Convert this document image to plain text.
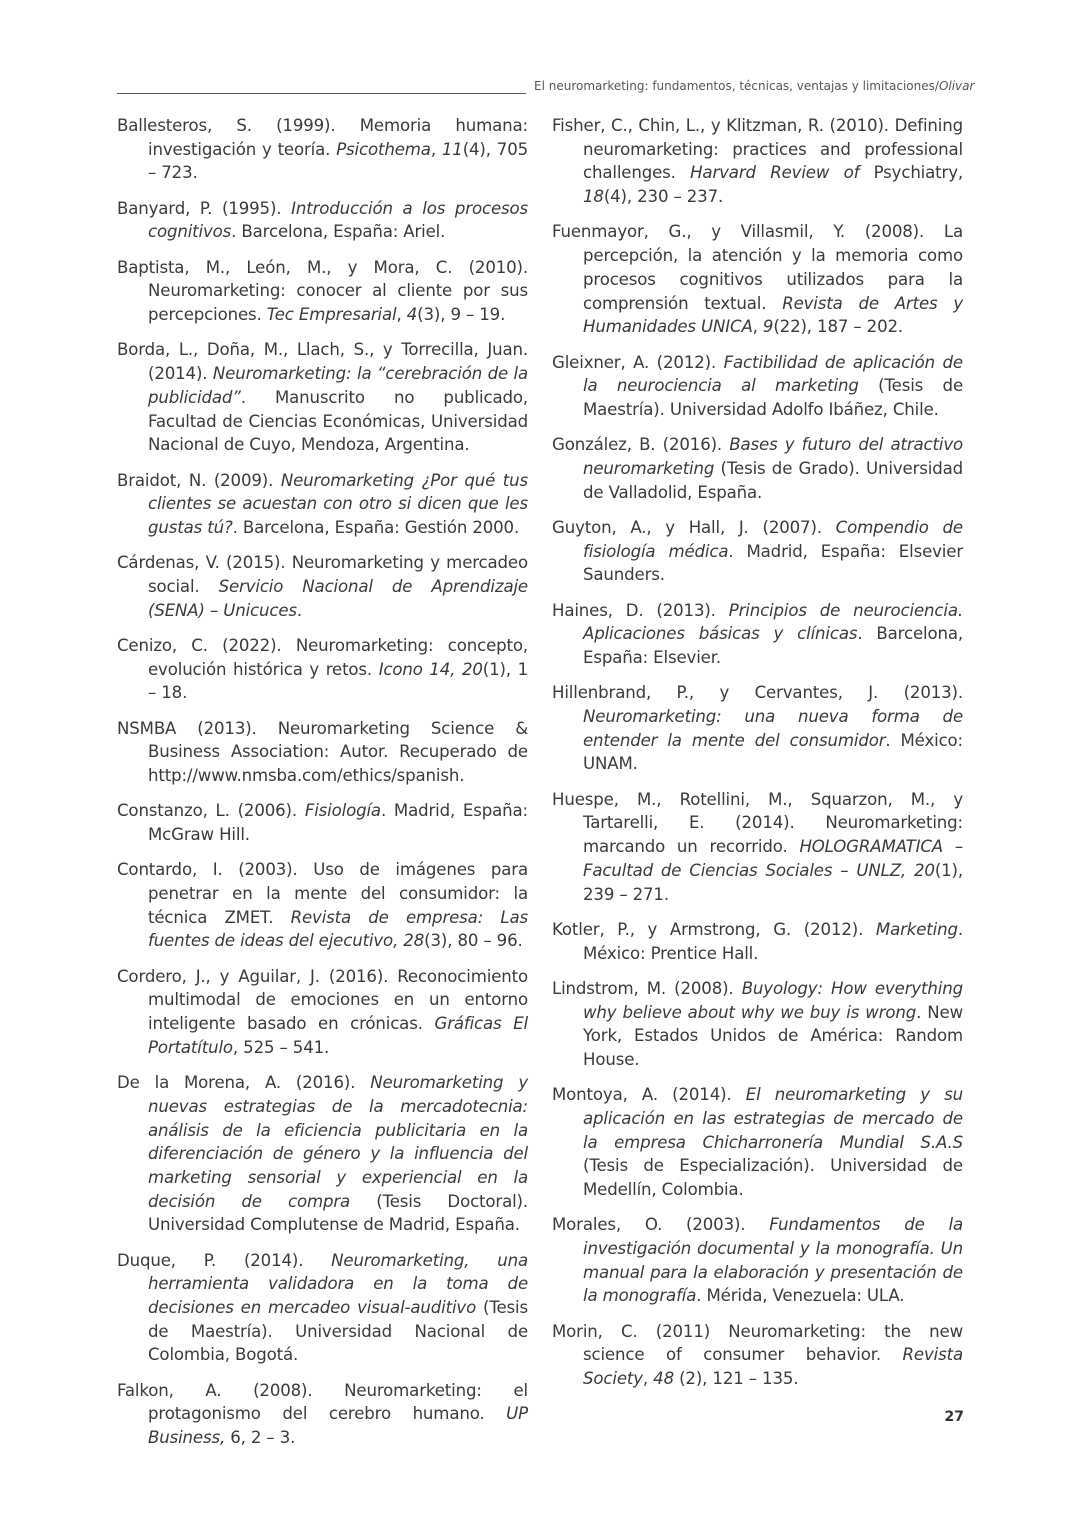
El neuromarketing: fundamentos, técnicas, ventajas y limitaciones/Olivar

Ballesteros, S. (1999). Memoria humana: investigación y teoría. Psicothema, 11(4), 705 – 723.

Banyard, P. (1995). Introducción a los procesos cognitivos. Barcelona, España: Ariel.

Baptista, M., León, M., y Mora, C. (2010). Neuromarketing: conocer al cliente por sus percepciones. Tec Empresarial, 4(3), 9 – 19.

Borda, L., Doña, M., Llach, S., y Torrecilla, Juan. (2014). Neuromarketing: la “cerebración de la publicidad”. Manuscrito no publicado, Facultad de Ciencias Económicas, Universidad Nacional de Cuyo, Mendoza, Argentina.

Braidot, N. (2009). Neuromarketing ¿Por qué tus clientes se acuestan con otro si dicen que les gustas tú?. Barcelona, España: Gestión 2000.

Cárdenas, V. (2015). Neuromarketing y mercadeo social. Servicio Nacional de Aprendizaje (SENA) – Unicuces.

Cenizo, C. (2022). Neuromarketing: concepto, evolución histórica y retos. Icono 14, 20(1), 1 – 18.

NSMBA (2013). Neuromarketing Science & Business Association: Autor. Recuperado de http://www.nmsba.com/ethics/spanish.

Constanzo, L. (2006). Fisiología. Madrid, España: McGraw Hill.

Contardo, I. (2003). Uso de imágenes para penetrar en la mente del consumidor: la técnica ZMET. Revista de empresa: Las fuentes de ideas del ejecutivo, 28(3), 80 – 96.

Cordero, J., y Aguilar, J. (2016). Reconocimiento multimodal de emociones en un entorno inteligente basado en crónicas. Gráficas El Portatítulo, 525 – 541.

De la Morena, A. (2016). Neuromarketing y nuevas estrategias de la mercadotecnia: análisis de la eficiencia publicitaria en la diferenciación de género y la influencia del marketing sensorial y experiencial en la decisión de compra (Tesis Doctoral). Universidad Complutense de Madrid, España.

Duque, P. (2014). Neuromarketing, una herramienta validadora en la toma de decisiones en mercadeo visual-auditivo (Tesis de Maestría). Universidad Nacional de Colombia, Bogotá.

Falkon, A. (2008). Neuromarketing: el protagonismo del cerebro humano. UP Business, 6, 2 – 3.

Fisher, C., Chin, L., y Klitzman, R. (2010). Defining neuromarketing: practices and professional challenges. Harvard Review of Psychiatry, 18(4), 230 – 237.

Fuenmayor, G., y Villasmil, Y. (2008). La percepción, la atención y la memoria como procesos cognitivos utilizados para la comprensión textual. Revista de Artes y Humanidades UNICA, 9(22), 187 – 202.

Gleixner, A. (2012). Factibilidad de aplicación de la neurociencia al marketing (Tesis de Maestría). Universidad Adolfo Ibáñez, Chile.

González, B. (2016). Bases y futuro del atractivo neuromarketing (Tesis de Grado). Universidad de Valladolid, España.

Guyton, A., y Hall, J. (2007). Compendio de fisiología médica. Madrid, España: Elsevier Saunders.

Haines, D. (2013). Principios de neurociencia. Aplicaciones básicas y clínicas. Barcelona, España: Elsevier.

Hillenbrand, P., y Cervantes, J. (2013). Neuromarketing: una nueva forma de entender la mente del consumidor. México: UNAM.

Huespe, M., Rotellini, M., Squarzon, M., y Tartarelli, E. (2014). Neuromarketing: marcando un recorrido. HOLOGRAMATICA – Facultad de Ciencias Sociales – UNLZ, 20(1), 239 – 271.

Kotler, P., y Armstrong, G. (2012). Marketing. México: Prentice Hall.

Lindstrom, M. (2008). Buyology: How everything why believe about why we buy is wrong. New York, Estados Unidos de América: Random House.

Montoya, A. (2014). El neuromarketing y su aplicación en las estrategias de mercado de la empresa Chicharronería Mundial S.A.S (Tesis de Especialización). Universidad de Medellín, Colombia.

Morales, O. (2003). Fundamentos de la investigación documental y la monografía. Un manual para la elaboración y presentación de la monografía. Mérida, Venezuela: ULA.

Morin, C. (2011) Neuromarketing: the new science of consumer behavior. Revista Society, 48 (2), 121 – 135.

27
